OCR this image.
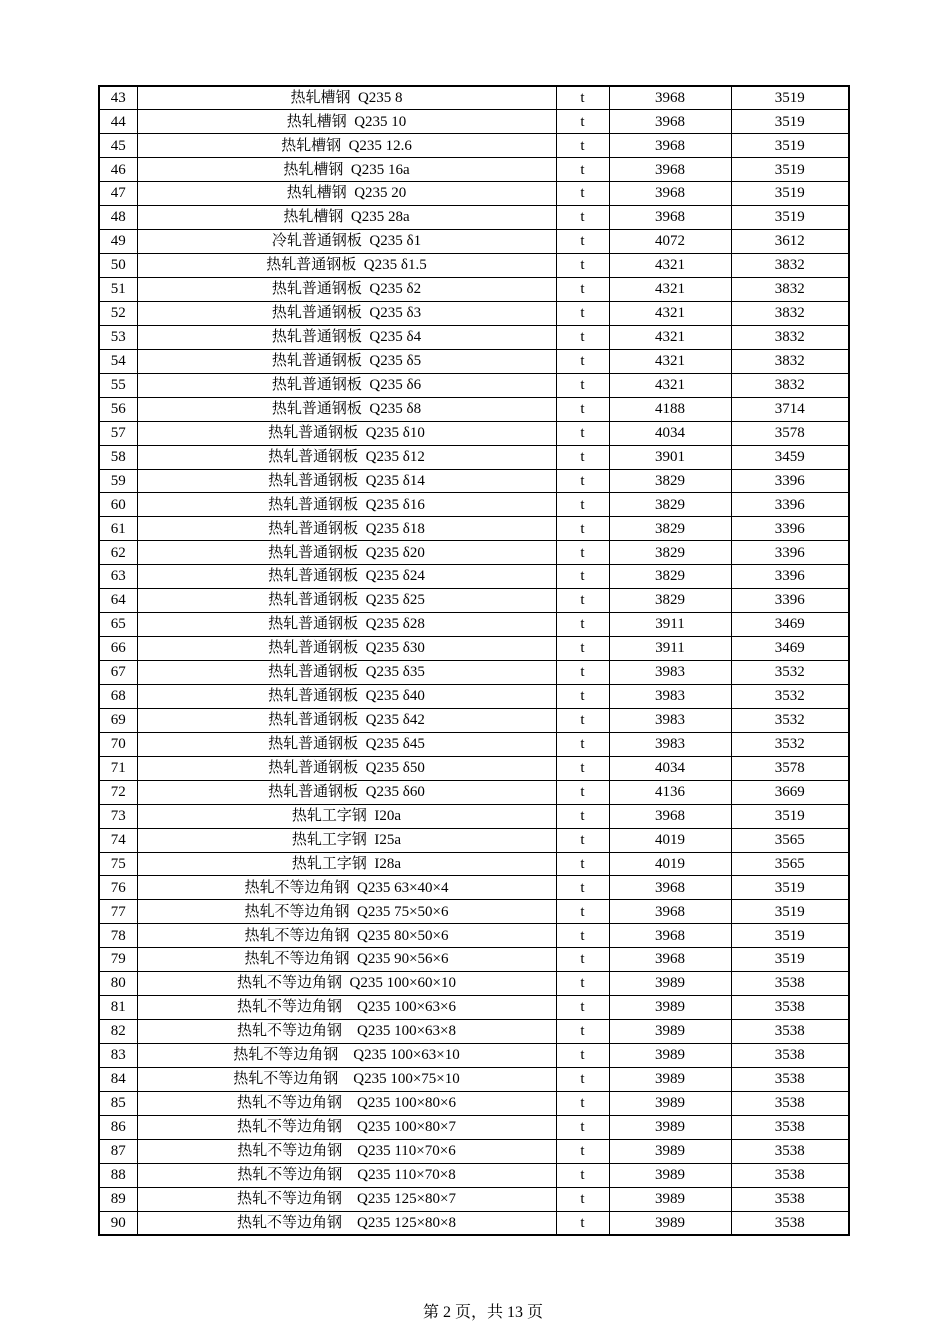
43	热轧槽钢  Q235 8	t	3968	3519
44	热轧槽钢  Q235 10	t	3968	3519
45	热轧槽钢  Q235 12.6	t	3968	3519
46	热轧槽钢  Q235 16a	t	3968	3519
47	热轧槽钢  Q235 20	t	3968	3519
48	热轧槽钢  Q235 28a	t	3968	3519
49	冷轧普通钢板  Q235 δ1	t	4072	3612
50	热轧普通钢板  Q235 δ1.5	t	4321	3832
51	热轧普通钢板  Q235 δ2	t	4321	3832
52	热轧普通钢板  Q235 δ3	t	4321	3832
53	热轧普通钢板  Q235 δ4	t	4321	3832
54	热轧普通钢板  Q235 δ5	t	4321	3832
55	热轧普通钢板  Q235 δ6	t	4321	3832
56	热轧普通钢板  Q235 δ8	t	4188	3714
57	热轧普通钢板  Q235 δ10	t	4034	3578
58	热轧普通钢板  Q235 δ12	t	3901	3459
59	热轧普通钢板  Q235 δ14	t	3829	3396
60	热轧普通钢板  Q235 δ16	t	3829	3396
61	热轧普通钢板  Q235 δ18	t	3829	3396
62	热轧普通钢板  Q235 δ20	t	3829	3396
63	热轧普通钢板  Q235 δ24	t	3829	3396
64	热轧普通钢板  Q235 δ25	t	3829	3396
65	热轧普通钢板  Q235 δ28	t	3911	3469
66	热轧普通钢板  Q235 δ30	t	3911	3469
67	热轧普通钢板  Q235 δ35	t	3983	3532
68	热轧普通钢板  Q235 δ40	t	3983	3532
69	热轧普通钢板  Q235 δ42	t	3983	3532
70	热轧普通钢板  Q235 δ45	t	3983	3532
71	热轧普通钢板  Q235 δ50	t	4034	3578
72	热轧普通钢板  Q235 δ60	t	4136	3669
73	热轧工字钢  I20a	t	3968	3519
74	热轧工字钢  I25a	t	4019	3565
75	热轧工字钢  I28a	t	4019	3565
76	热轧不等边角钢  Q235 63×40×4	t	3968	3519
77	热轧不等边角钢  Q235 75×50×6	t	3968	3519
78	热轧不等边角钢  Q235 80×50×6	t	3968	3519
79	热轧不等边角钢  Q235 90×56×6	t	3968	3519
80	热轧不等边角钢  Q235 100×60×10	t	3989	3538
81	热轧不等边角钢    Q235 100×63×6	t	3989	3538
82	热轧不等边角钢    Q235 100×63×8	t	3989	3538
83	热轧不等边角钢    Q235 100×63×10	t	3989	3538
84	热轧不等边角钢    Q235 100×75×10	t	3989	3538
85	热轧不等边角钢    Q235 100×80×6	t	3989	3538
86	热轧不等边角钢    Q235 100×80×7	t	3989	3538
87	热轧不等边角钢    Q235 110×70×6	t	3989	3538
88	热轧不等边角钢    Q235 110×70×8	t	3989	3538
89	热轧不等边角钢    Q235 125×80×7	t	3989	3538
90	热轧不等边角钢    Q235 125×80×8	t	3989	3538

第 2 页，共 13 页
